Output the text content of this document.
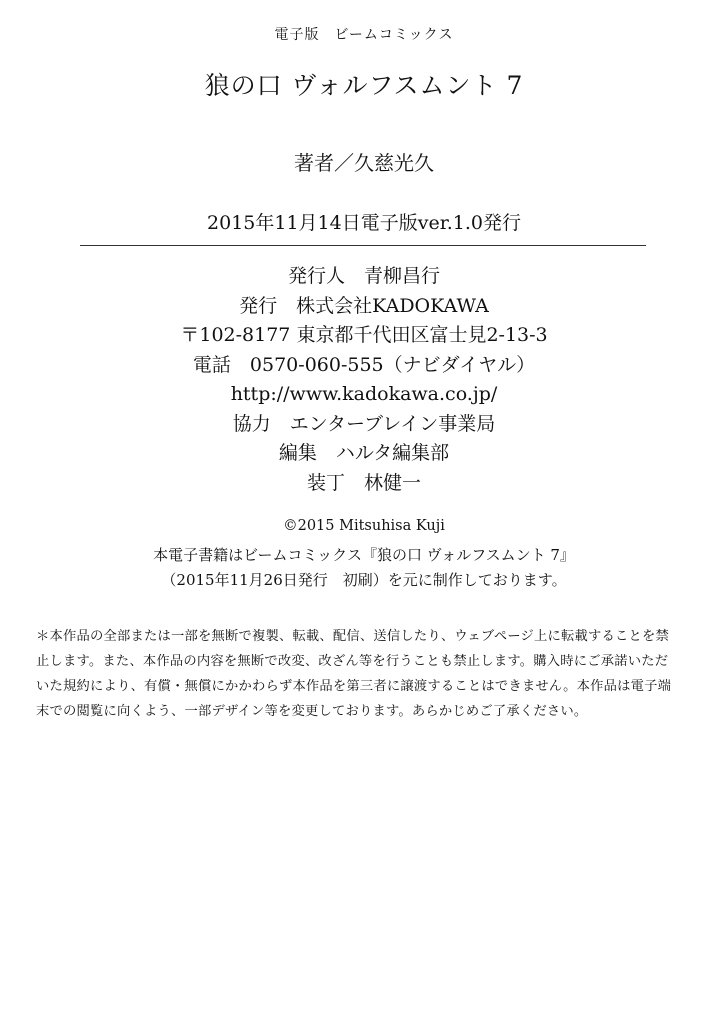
電子版　ビームコミックス
狼の口 ヴォルフスムント 7
著者／久慈光久
2015年11月14日電子版ver.1.0発行
発行人　青柳昌行
発行　株式会社KADOKAWA
〒102-8177 東京都千代田区富士見2-13-3
電話　0570-060-555（ナビダイヤル）
http://www.kadokawa.co.jp/
協力　エンターブレイン事業局
編集　ハルタ編集部
装丁　林健一
©2015 Mitsuhisa Kuji
本電子書籍はビームコミックス『狼の口 ヴォルフスムント 7』
（2015年11月26日発行　初刷）を元に制作しております。
＊本作品の全部または一部を無断で複製、転載、配信、送信したり、ウェブページ上に転載することを禁
止します。また、本作品の内容を無断で改変、改ざん等を行うことも禁止します。購入時にご承諾いただ
いた規約により、有償・無償にかかわらず本作品を第三者に譲渡することはできません。本作品は電子端
末での閲覧に向くよう、一部デザイン等を変更しております。あらかじめご了承ください。
